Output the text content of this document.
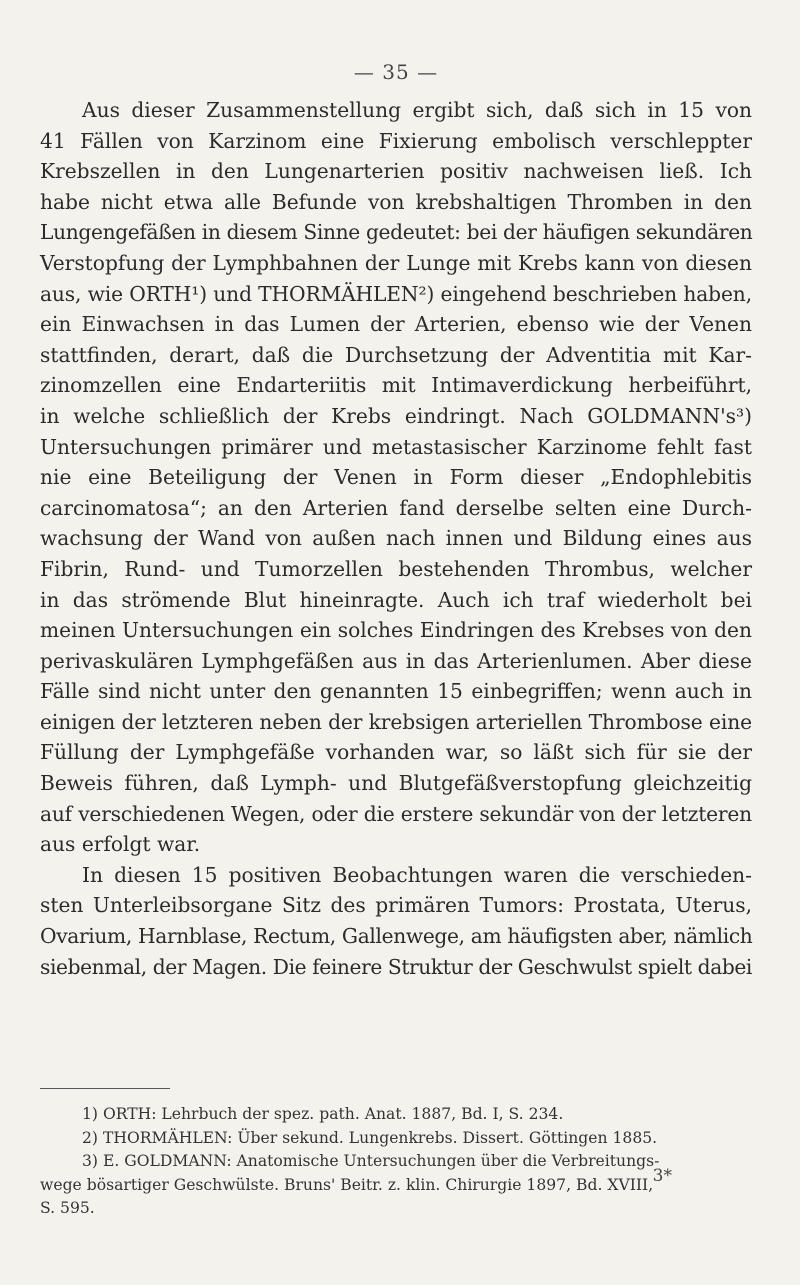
— 35 —
Aus dieser Zusammenstellung ergibt sich, daß sich in 15 von
41 Fällen von Karzinom eine Fixierung embolisch verschleppter
Krebszellen in den Lungenarterien positiv nachweisen ließ. Ich
habe nicht etwa alle Befunde von krebshaltigen Thromben in den
Lungengefäßen in diesem Sinne gedeutet: bei der häufigen sekundären
Verstopfung der Lymphbahnen der Lunge mit Krebs kann von diesen
aus, wie ORTH¹) und THORMÄHLEN²) eingehend beschrieben haben,
ein Einwachsen in das Lumen der Arterien, ebenso wie der Venen
stattfinden, derart, daß die Durchsetzung der Adventitia mit Kar-
zinomzellen eine Endarteriitis mit Intimaverdickung herbeiführt,
in welche schließlich der Krebs eindringt. Nach GOLDMANN's³)
Untersuchungen primärer und metastasischer Karzinome fehlt fast
nie eine Beteiligung der Venen in Form dieser „Endophlebitis
carcinomatosa“; an den Arterien fand derselbe selten eine Durch-
wachsung der Wand von außen nach innen und Bildung eines aus
Fibrin, Rund- und Tumorzellen bestehenden Thrombus, welcher
in das strömende Blut hineinragte. Auch ich traf wiederholt bei
meinen Untersuchungen ein solches Eindringen des Krebses von den
perivaskulären Lymphgefäßen aus in das Arterienlumen. Aber diese
Fälle sind nicht unter den genannten 15 einbegriffen; wenn auch in
einigen der letzteren neben der krebsigen arteriellen Thrombose eine
Füllung der Lymphgefäße vorhanden war, so läßt sich für sie der
Beweis führen, daß Lymph- und Blutgefäßverstopfung gleichzeitig
auf verschiedenen Wegen, oder die erstere sekundär von der letzteren
aus erfolgt war.
In diesen 15 positiven Beobachtungen waren die verschieden-
sten Unterleibsorgane Sitz des primären Tumors: Prostata, Uterus,
Ovarium, Harnblase, Rectum, Gallenwege, am häufigsten aber, nämlich
siebenmal, der Magen. Die feinere Struktur der Geschwulst spielt dabei
1) ORTH: Lehrbuch der spez. path. Anat. 1887, Bd. I, S. 234.
2) THORMÄHLEN: Über sekund. Lungenkrebs. Dissert. Göttingen 1885.
3) E. GOLDMANN: Anatomische Untersuchungen über die Verbreitungs-
wege bösartiger Geschwülste. Bruns' Beitr. z. klin. Chirurgie 1897, Bd. XVIII,
S. 595.
3*
